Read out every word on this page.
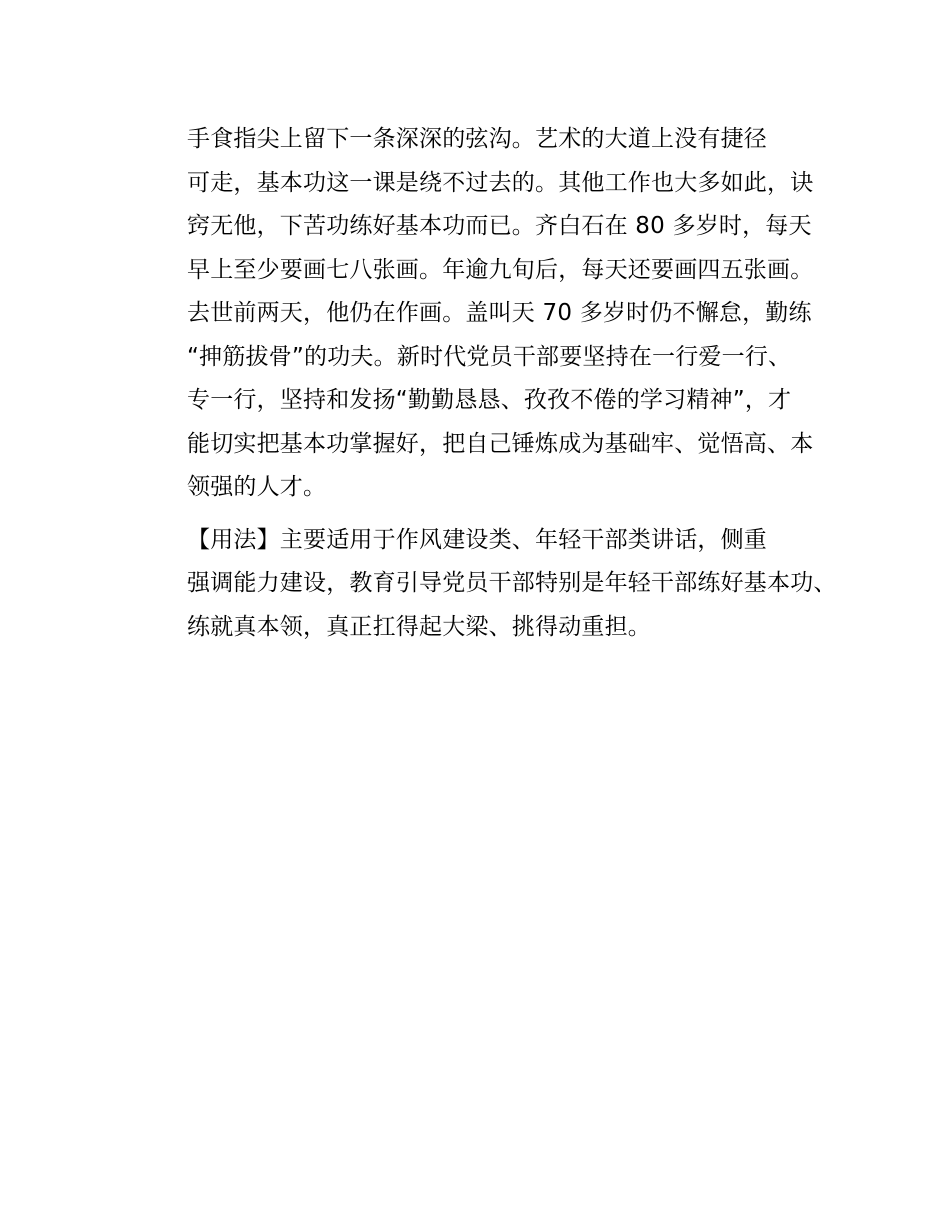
手食指尖上留下一条深深的弦沟。艺术的大道上没有捷径
可走，基本功这一课是绕不过去的。其他工作也大多如此，诀
窍无他，下苦功练好基本功而已。齐白石在 80 多岁时，每天
早上至少要画七八张画。年逾九旬后，每天还要画四五张画。
去世前两天，他仍在作画。盖叫天 70 多岁时仍不懈怠，勤练
“抻筋拔骨”的功夫。新时代党员干部要坚持在一行爱一行、
专一行，坚持和发扬“勤勤恳恳、孜孜不倦的学习精神”，才
能切实把基本功掌握好，把自己锤炼成为基础牢、觉悟高、本
领强的人才。

【用法】主要适用于作风建设类、年轻干部类讲话，侧重
强调能力建设，教育引导党员干部特别是年轻干部练好基本功、
练就真本领，真正扛得起大梁、挑得动重担。
